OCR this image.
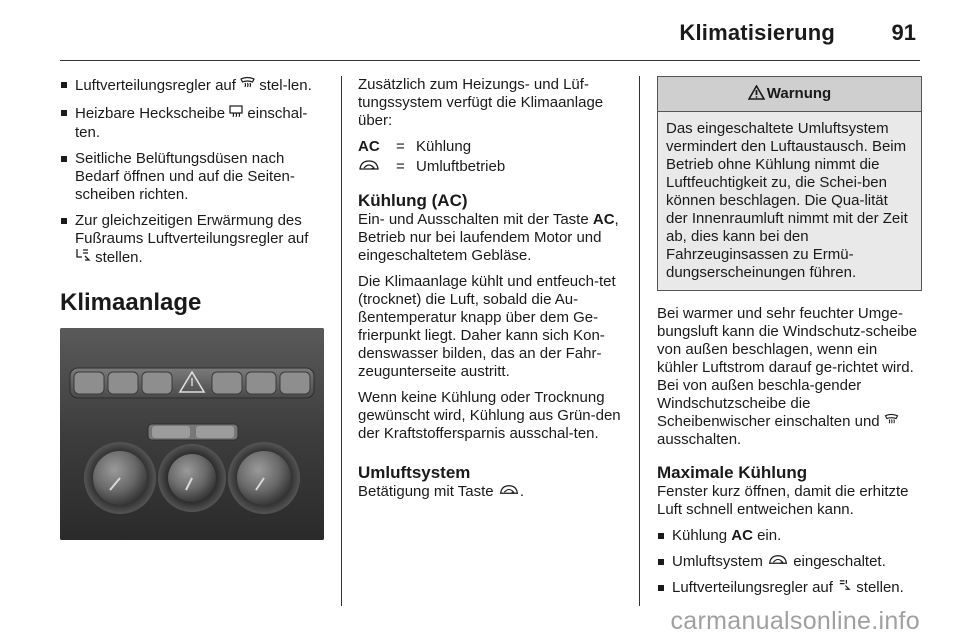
Klimatisierung	91
Luftverteilungsregler auf stel-len.
Heizbare Heckscheibe einschal-ten.
Seitliche Belüftungsdüsen nach Bedarf öffnen und auf die Seiten-scheiben richten.
Zur gleichzeitigen Erwärmung des Fußraums Luftverteilungsregler auf  stellen.
Klimaanlage

Zusätzlich zum Heizungs- und Lüf-tungssystem verfügt die Klimaanlage über:

AC	= Kühlung
= Umluftbetrieb
Kühlung (AC)

Ein- und Ausschalten mit der Taste AC, Betrieb nur bei laufendem Motor und eingeschaltetem Gebläse.

Die Klimaanlage kühlt und entfeuch-tet (trocknet) die Luft, sobald die Au-ßentemperatur knapp über dem Ge-frierpunkt liegt. Daher kann sich Kon-denswasser bilden, das an der Fahr-zeugunterseite austritt.

Wenn keine Kühlung oder Trocknung gewünscht wird, Kühlung aus Grün-den der Kraftstoffersparnis ausschal-ten.

Umluftsystem

Betätigung mit Taste .

Warnung
Das eingeschaltete Umluftsystem vermindert den Luftaustausch. Beim Betrieb ohne Kühlung nimmt die Luftfeuchtigkeit zu, die Schei-ben können beschlagen. Die Qua-lität der Innenraumluft nimmt mit der Zeit ab, dies kann bei den Fahrzeuginsassen zu Ermü-dungserscheinungen führen.

Bei warmer und sehr feuchter Umge-bungsluft kann die Windschutz-scheibe von außen beschlagen, wenn ein kühler Luftstrom darauf ge-richtet wird. Bei von außen beschla-gender Windschutzscheibe die Scheibenwischer einschalten und  ausschalten.

Maximale Kühlung

Fenster kurz öffnen, damit die erhitzte Luft schnell entweichen kann.

Kühlung AC ein.
Umluftsystem eingeschaltet.
Luftverteilungsregler auf stellen.
carmanualsonline.info
